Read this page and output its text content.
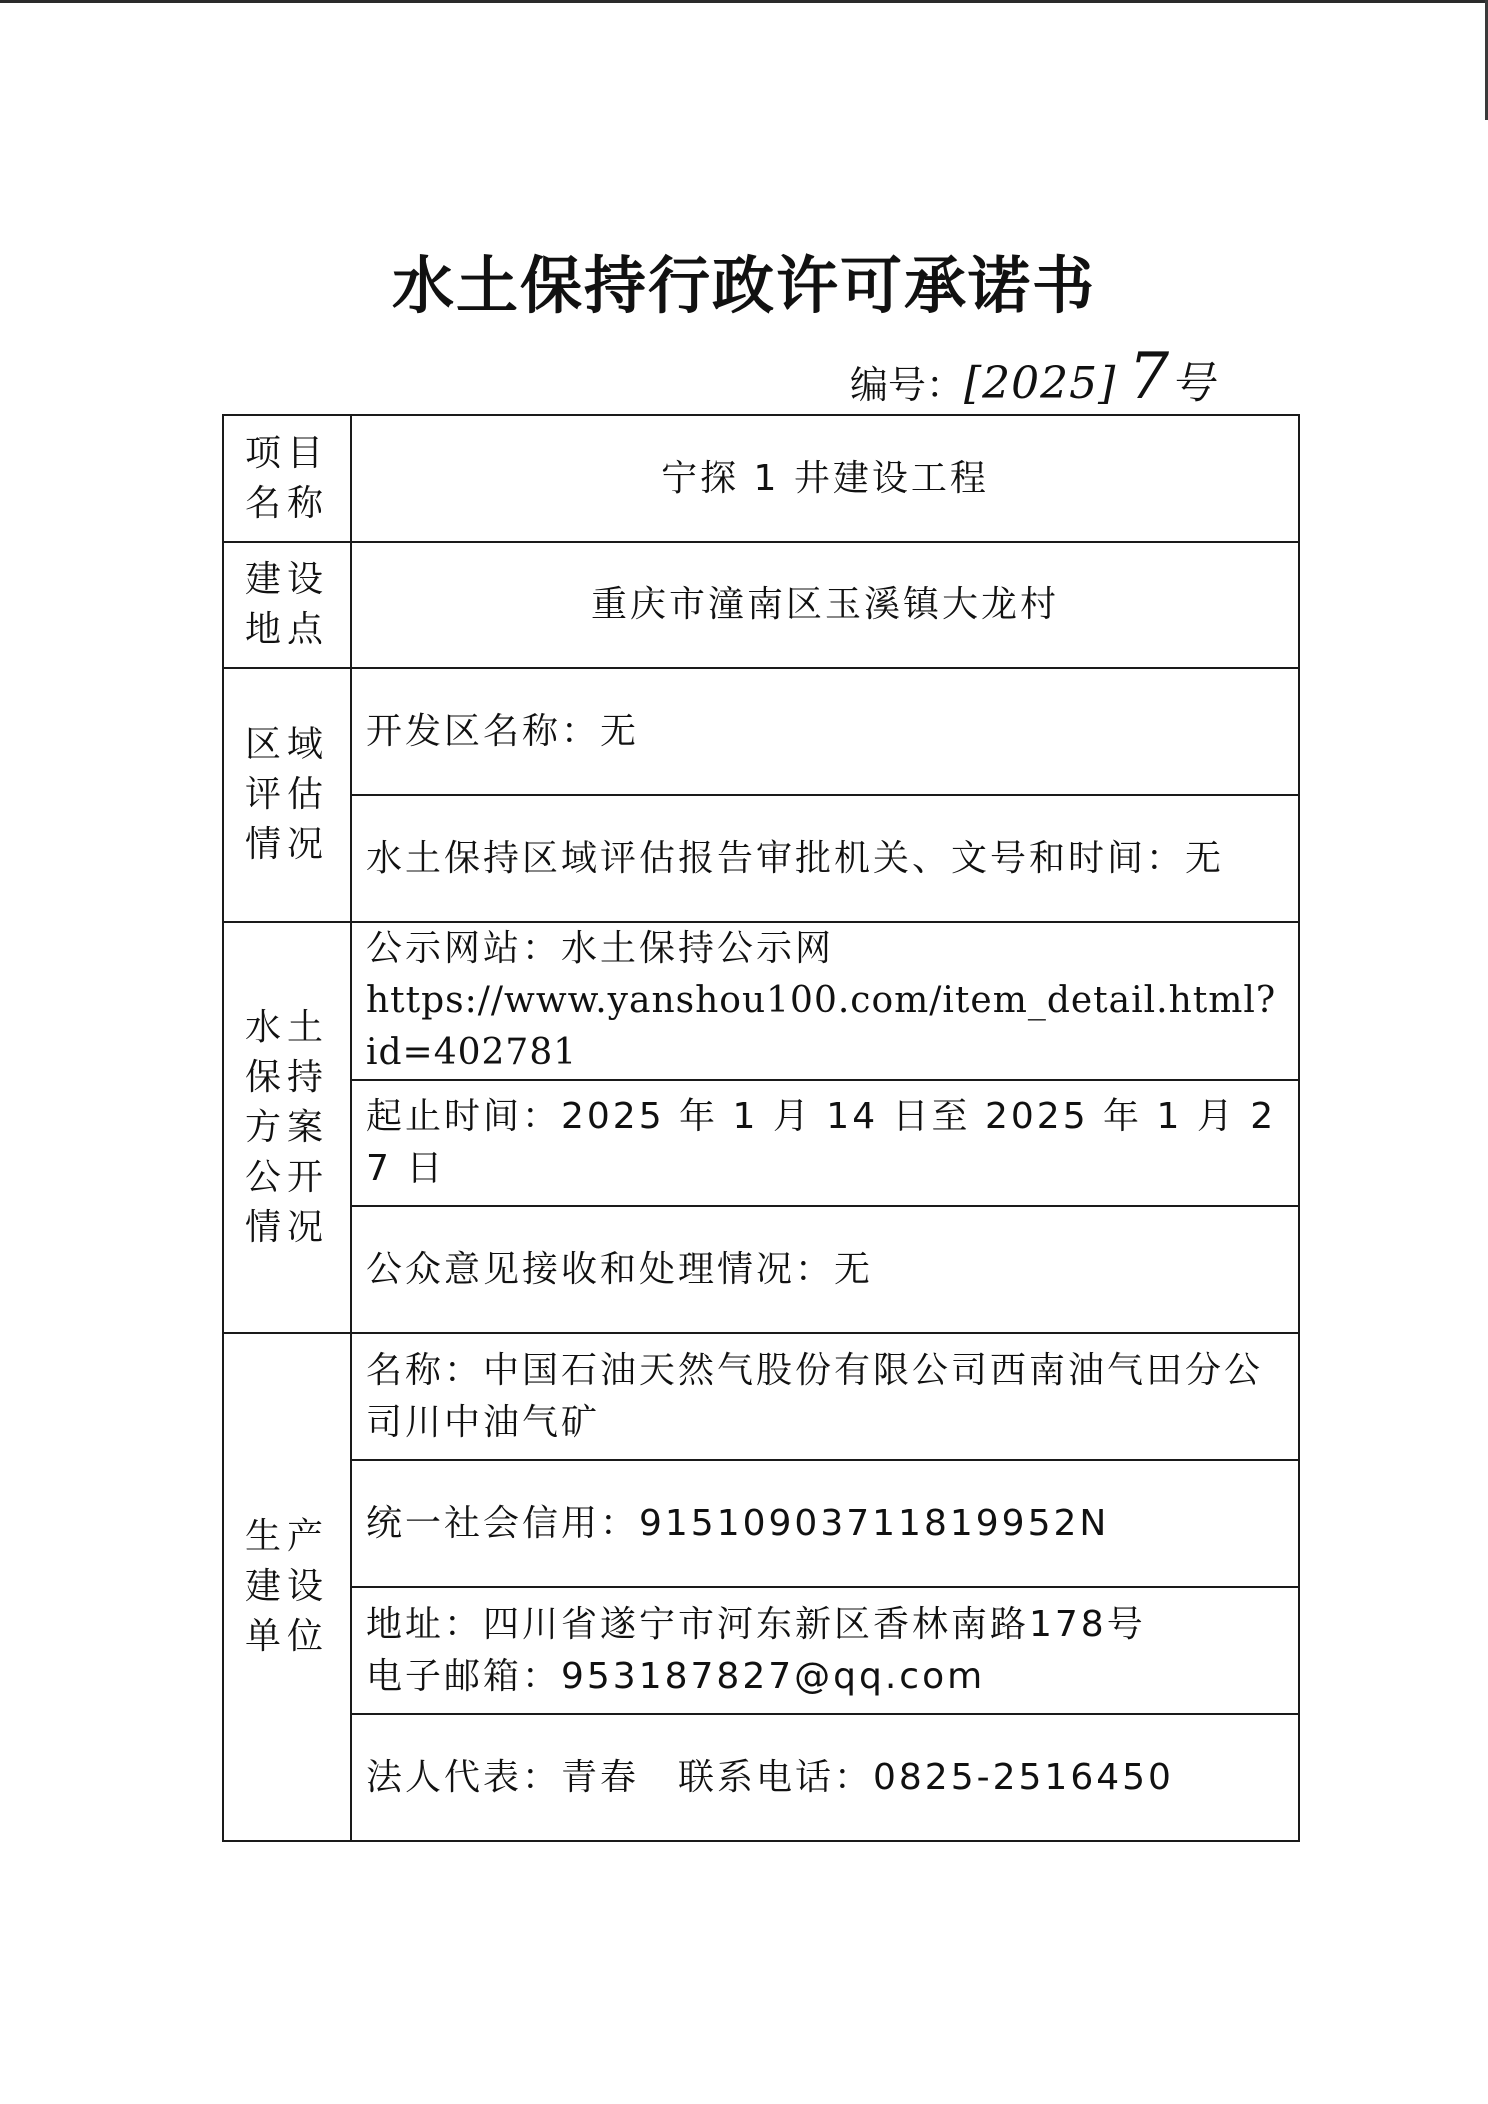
水土保持行政许可承诺书
编号：[2025] 7号
项目名称	宁探 1 井建设工程
建设地点	重庆市潼南区玉溪镇大龙村
区域评估情况	开发区名称：无
	水土保持区域评估报告审批机关、文号和时间：无
水土保持方案公开情况	公示网站：水土保持公示网
https://www.yanshou100.com/item_detail.html?id=402781

	起止时间：2025 年 1 月 14 日至 2025 年 1 月 27 日
	公众意见接收和处理情况：无
生产建设单位	名称：中国石油天然气股份有限公司西南油气田分公司川中油气矿
	统一社会信用：91510903711819952N

	地址：四川省遂宁市河东新区香林南路178号
电子邮箱：953187827@qq.com

	法人代表：青春　联系电话：0825-2516450
